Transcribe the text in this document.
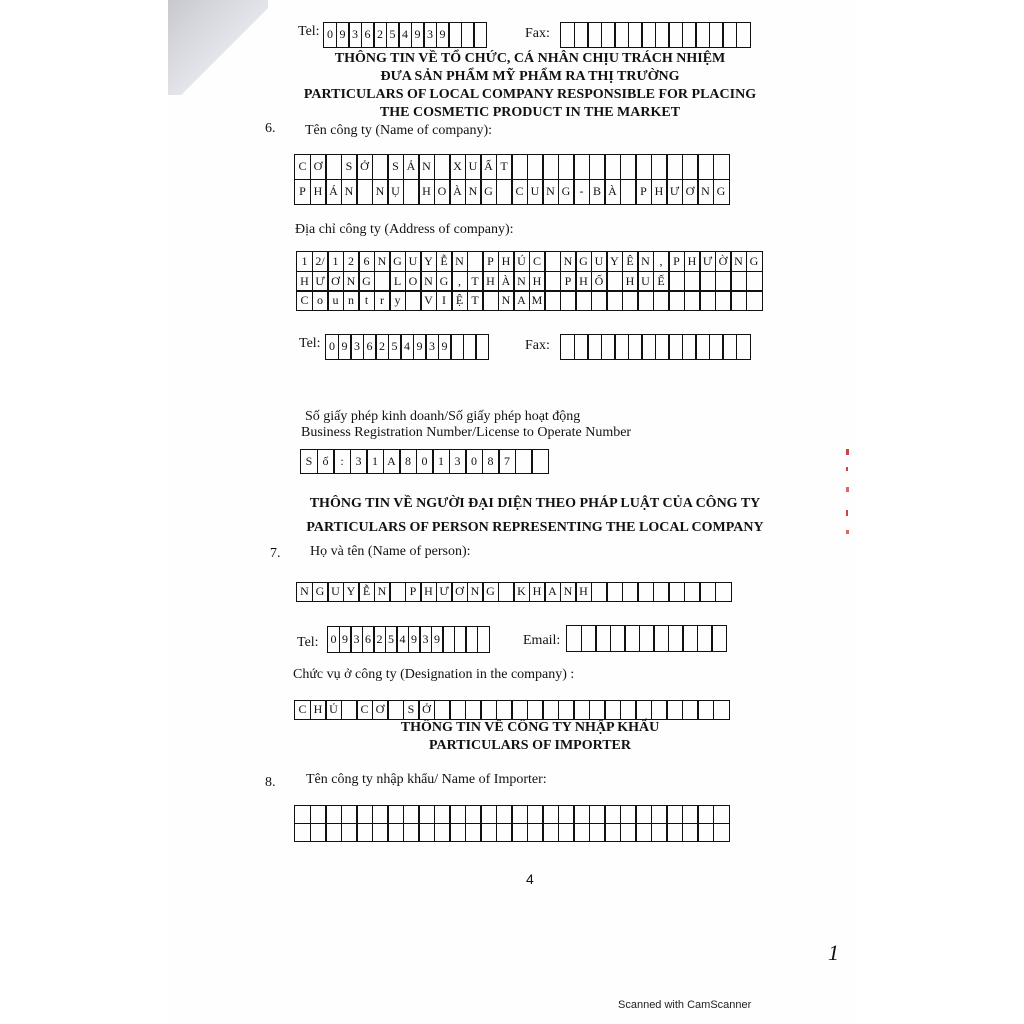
Tel: 0 9 3 6 2 5 4 9 3 9	Fax:
THÔNG TIN VỀ TỔ CHỨC, CÁ NHÂN CHỊU TRÁCH NHIỆM
ĐƯA SẢN PHẨM MỸ PHẨM RA THỊ TRƯỜNG
PARTICULARS OF LOCAL COMPANY RESPONSIBLE FOR PLACING
THE COSMETIC PRODUCT IN THE MARKET
6. Tên công ty (Name of company):
C Ơ	S Ở	S Ả N	X U Ấ T
P H Á N	N Ụ	H O À N G	C U N G - B À	P H Ư Ơ N G
Địa chỉ công ty (Address of company):
1 2/ 1 2 6 N G U Y Ễ N	P H Ú C	N G U Y Ê N , P H Ư Ờ N G
H Ư Ơ N G	L O N G , T H À N H	P H Ố	H U Ế
C o u n t r y	V I Ệ T	N A M
Tel: 0 9 3 6 2 5 4 9 3 9	Fax:
Số giấy phép kinh doanh/Số giấy phép hoạt động
Business Registration Number/License to Operate Number
S ố : 3 1 A 8 0 1 3 0 8 7
THÔNG TIN VỀ NGƯỜI ĐẠI DIỆN THEO PHÁP LUẬT CỦA CÔNG TY
PARTICULARS OF PERSON REPRESENTING THE LOCAL COMPANY
7. Họ và tên (Name of person):
N G U Y Ễ N	P H Ư Ơ N G	K H A N H
Tel: 0 9 3 6 2 5 4 9 3 9	Email:
Chức vụ ở công ty (Designation in the company) :
C H Ủ	C Ơ	S Ở
THÔNG TIN VỀ CÔNG TY NHẬP KHẨU
PARTICULARS OF IMPORTER
8. Tên công ty nhập khẩu/ Name of Importer:
4
1
Scanned with CamScanner
